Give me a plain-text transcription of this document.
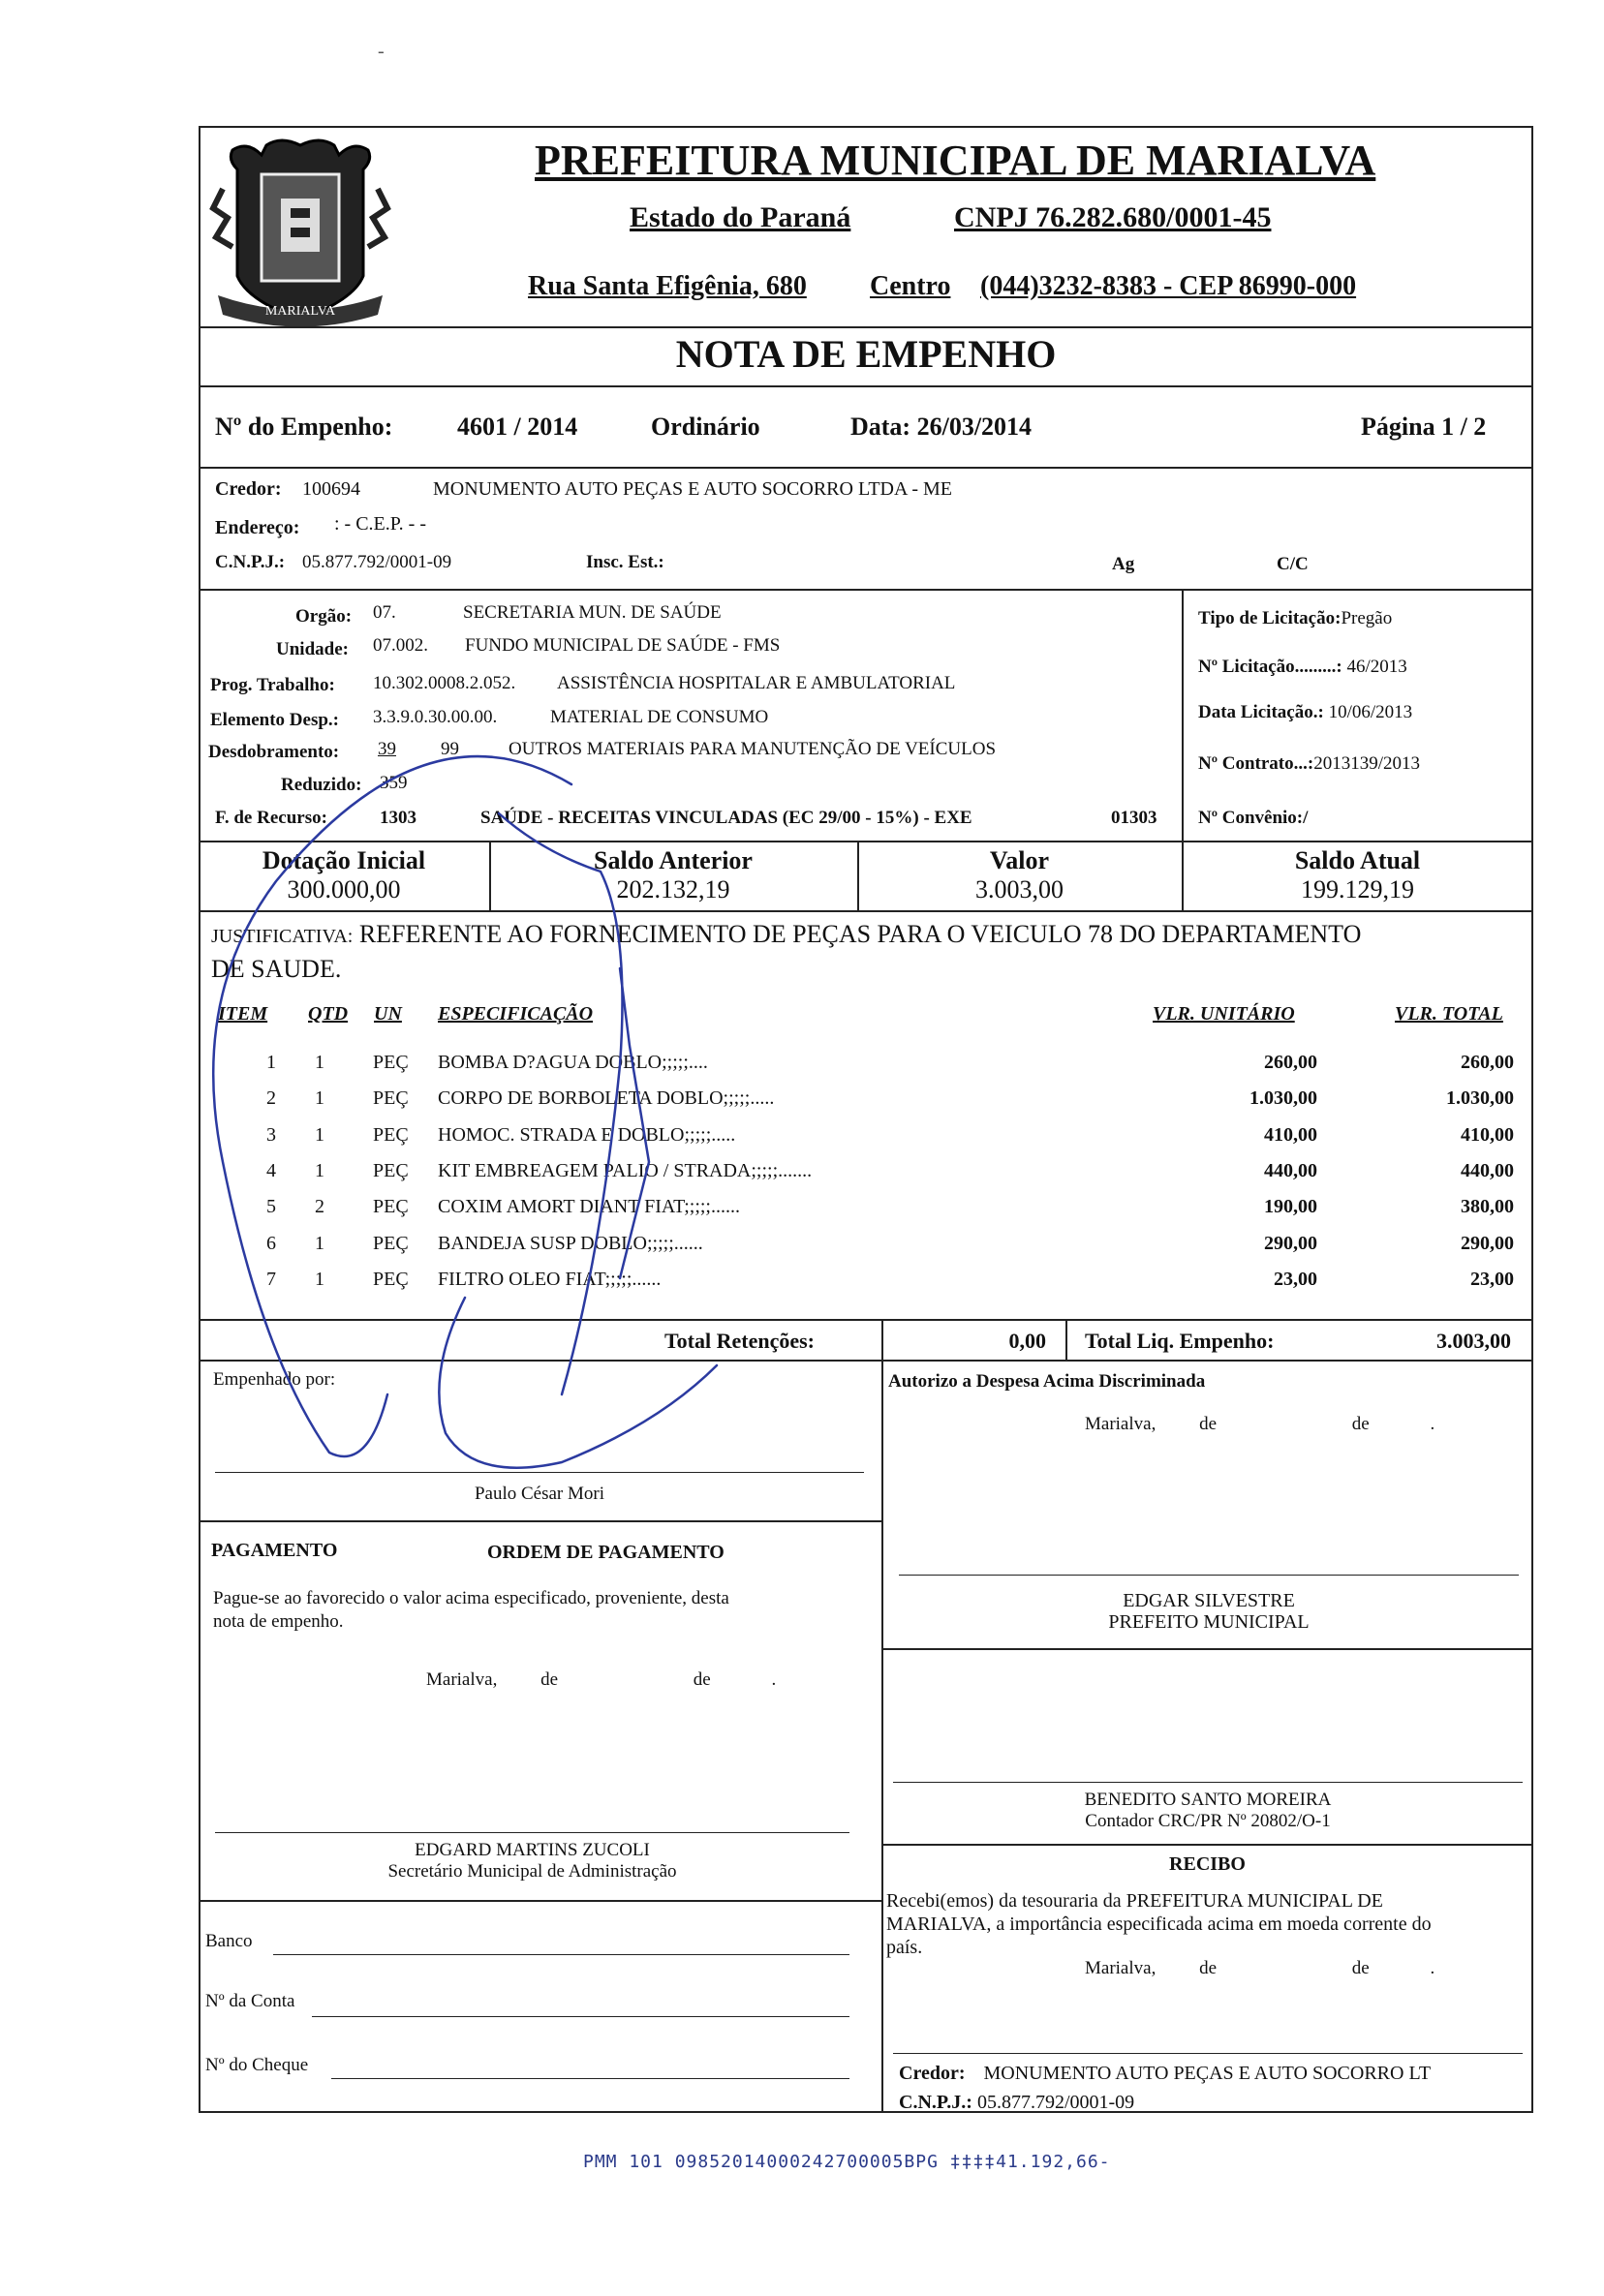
-
MARIALVA
PREFEITURA MUNICIPAL DE MARIALVA
Estado do Paraná	CNPJ 76.282.680/0001-45
Rua Santa Efigênia, 680 Centro (044)3232-8383 - CEP 86990-000
NOTA DE EMPENHO
Nº do Empenho:	4601 / 2014	Ordinário	Data: 26/03/2014	Página 1 / 2
Credor: 100694	MONUMENTO AUTO PEÇAS E AUTO SOCORRO LTDA - ME
Endereço: : - C.E.P. - -
C.N.P.J.: 05.877.792/0001-09	Insc. Est.:	Ag	C/C
Orgão: 07.	SECRETARIA MUN. DE SAÚDE
Unidade: 07.002. FUNDO MUNICIPAL DE SAÚDE - FMS
Prog. Trabalho: 10.302.0008.2.052. ASSISTÊNCIA HOSPITALAR E AMBULATORIAL
Elemento Desp.: 3.3.9.0.30.00.00.	MATERIAL DE CONSUMO
Desdobramento: 39 99	OUTROS MATERIAIS PARA MANUTENÇÃO DE VEÍCULOS
Reduzido: 359
F. de Recurso:	1303	SAÚDE - RECEITAS VINCULADAS (EC 29/00 - 15%) - EXE	01303
Tipo de Licitação:Pregão
Nº Licitação.........: 46/2013
Data Licitação.: 10/06/2013
Nº Contrato...:2013139/2013
Nº Convênio:/
Dotação Inicial
300.000,00
Saldo Anterior
202.132,19
Valor
3.003,00
Saldo Atual
199.129,19
JUSTIFICATIVA: REFERENTE AO FORNECIMENTO DE PEÇAS PARA O VEICULO 78 DO DEPARTAMENTO
DE SAUDE.
ITEM QTD UN ESPECIFICAÇÃO	VLR. UNITÁRIO	VLR. TOTAL
1 1	PEÇ	BOMBA D?AGUA DOBLO;;;;;....	260,00	260,00
2 1	PEÇ	CORPO DE BORBOLETA DOBLO;;;;;.....	1.030,00	1.030,00
3 1	PEÇ	HOMOC. STRADA E DOBLO;;;;;.....	410,00	410,00
4 1	PEÇ	KIT EMBREAGEM PALIO / STRADA;;;;;.......	440,00	440,00
5 2	PEÇ	COXIM AMORT DIANT FIAT;;;;;......	190,00	380,00
6 1	PEÇ	BANDEJA SUSP DOBLO;;;;;......	290,00	290,00
7 1	PEÇ	FILTRO OLEO FIAT;;;;;......	23,00	23,00
Total Retenções:	0,00 Total Liq. Empenho:	3.003,00
Empenhado por:
Paulo César Mori
Autorizo a Despesa Acima Discriminada
Marialva, de	de	.
EDGAR SILVESTRE
PREFEITO MUNICIPAL
PAGAMENTO	ORDEM DE PAGAMENTO
Pague-se ao favorecido o valor acima especificado, proveniente, desta
nota de empenho.
Marialva, de	de	.
EDGARD MARTINS ZUCOLI
Secretário Municipal de Administração
Banco
Nº da Conta
Nº do Cheque
BENEDITO SANTO MOREIRA
Contador CRC/PR Nº 20802/O-1
RECIBO
Recebi(emos) da tesouraria da PREFEITURA MUNICIPAL DE
MARIALVA, a importância especificada acima em moeda corrente do
país.
Marialva, de	de	.
Credor: MONUMENTO AUTO PEÇAS E AUTO SOCORRO LT
C.N.P.J.: 05.877.792/0001-09
PMM 101 09852014000242700005BPG ‡‡‡‡41.192,66-
